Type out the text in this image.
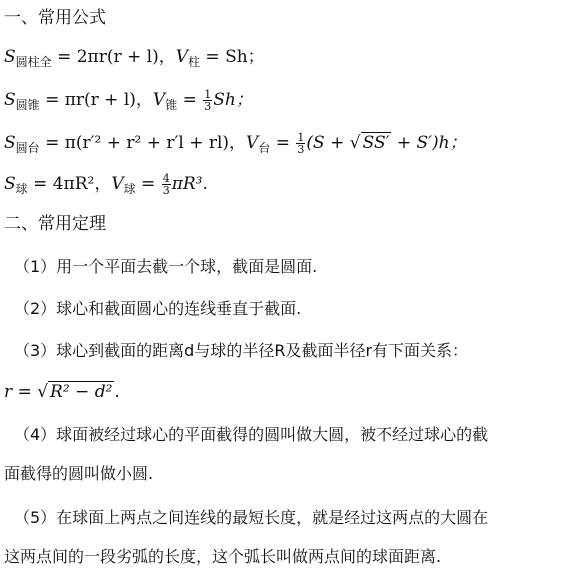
一、常用公式
$S_{圆柱全} = 2\pi r(r + l)$，$V_柱 = Sh$；
$S_{圆锥} = \pi r(r + l)$，$V_锥 = \frac{1}{3}$ Sh；
$S_{圆台} = \pi(r'^2 + r^2 + r'l + rl)$，$V_台 = \frac{1}{3} (S$ + √ SS′ + S′)h；
$S_球 = 4\pi R^2$，$V_球 = \frac{4}{3} \pi R^3$.
二、常用定理
（1）用一个平面去截一个球，截面是圆面.
（2）球心和截面圆心的连线垂直于截面.
（3）球心到截面的距离d与球的半径R及截面半径r有下面关系：
r = √ R² − d² .
（4）球面被经过球心的平面截得的圆叫做大圆，被不经过球心的截
面截得的圆叫做小圆.
（5）在球面上两点之间连线的最短长度，就是经过这两点的大圆在
这两点间的一段劣弧的长度，这个弧长叫做两点间的球面距离.
